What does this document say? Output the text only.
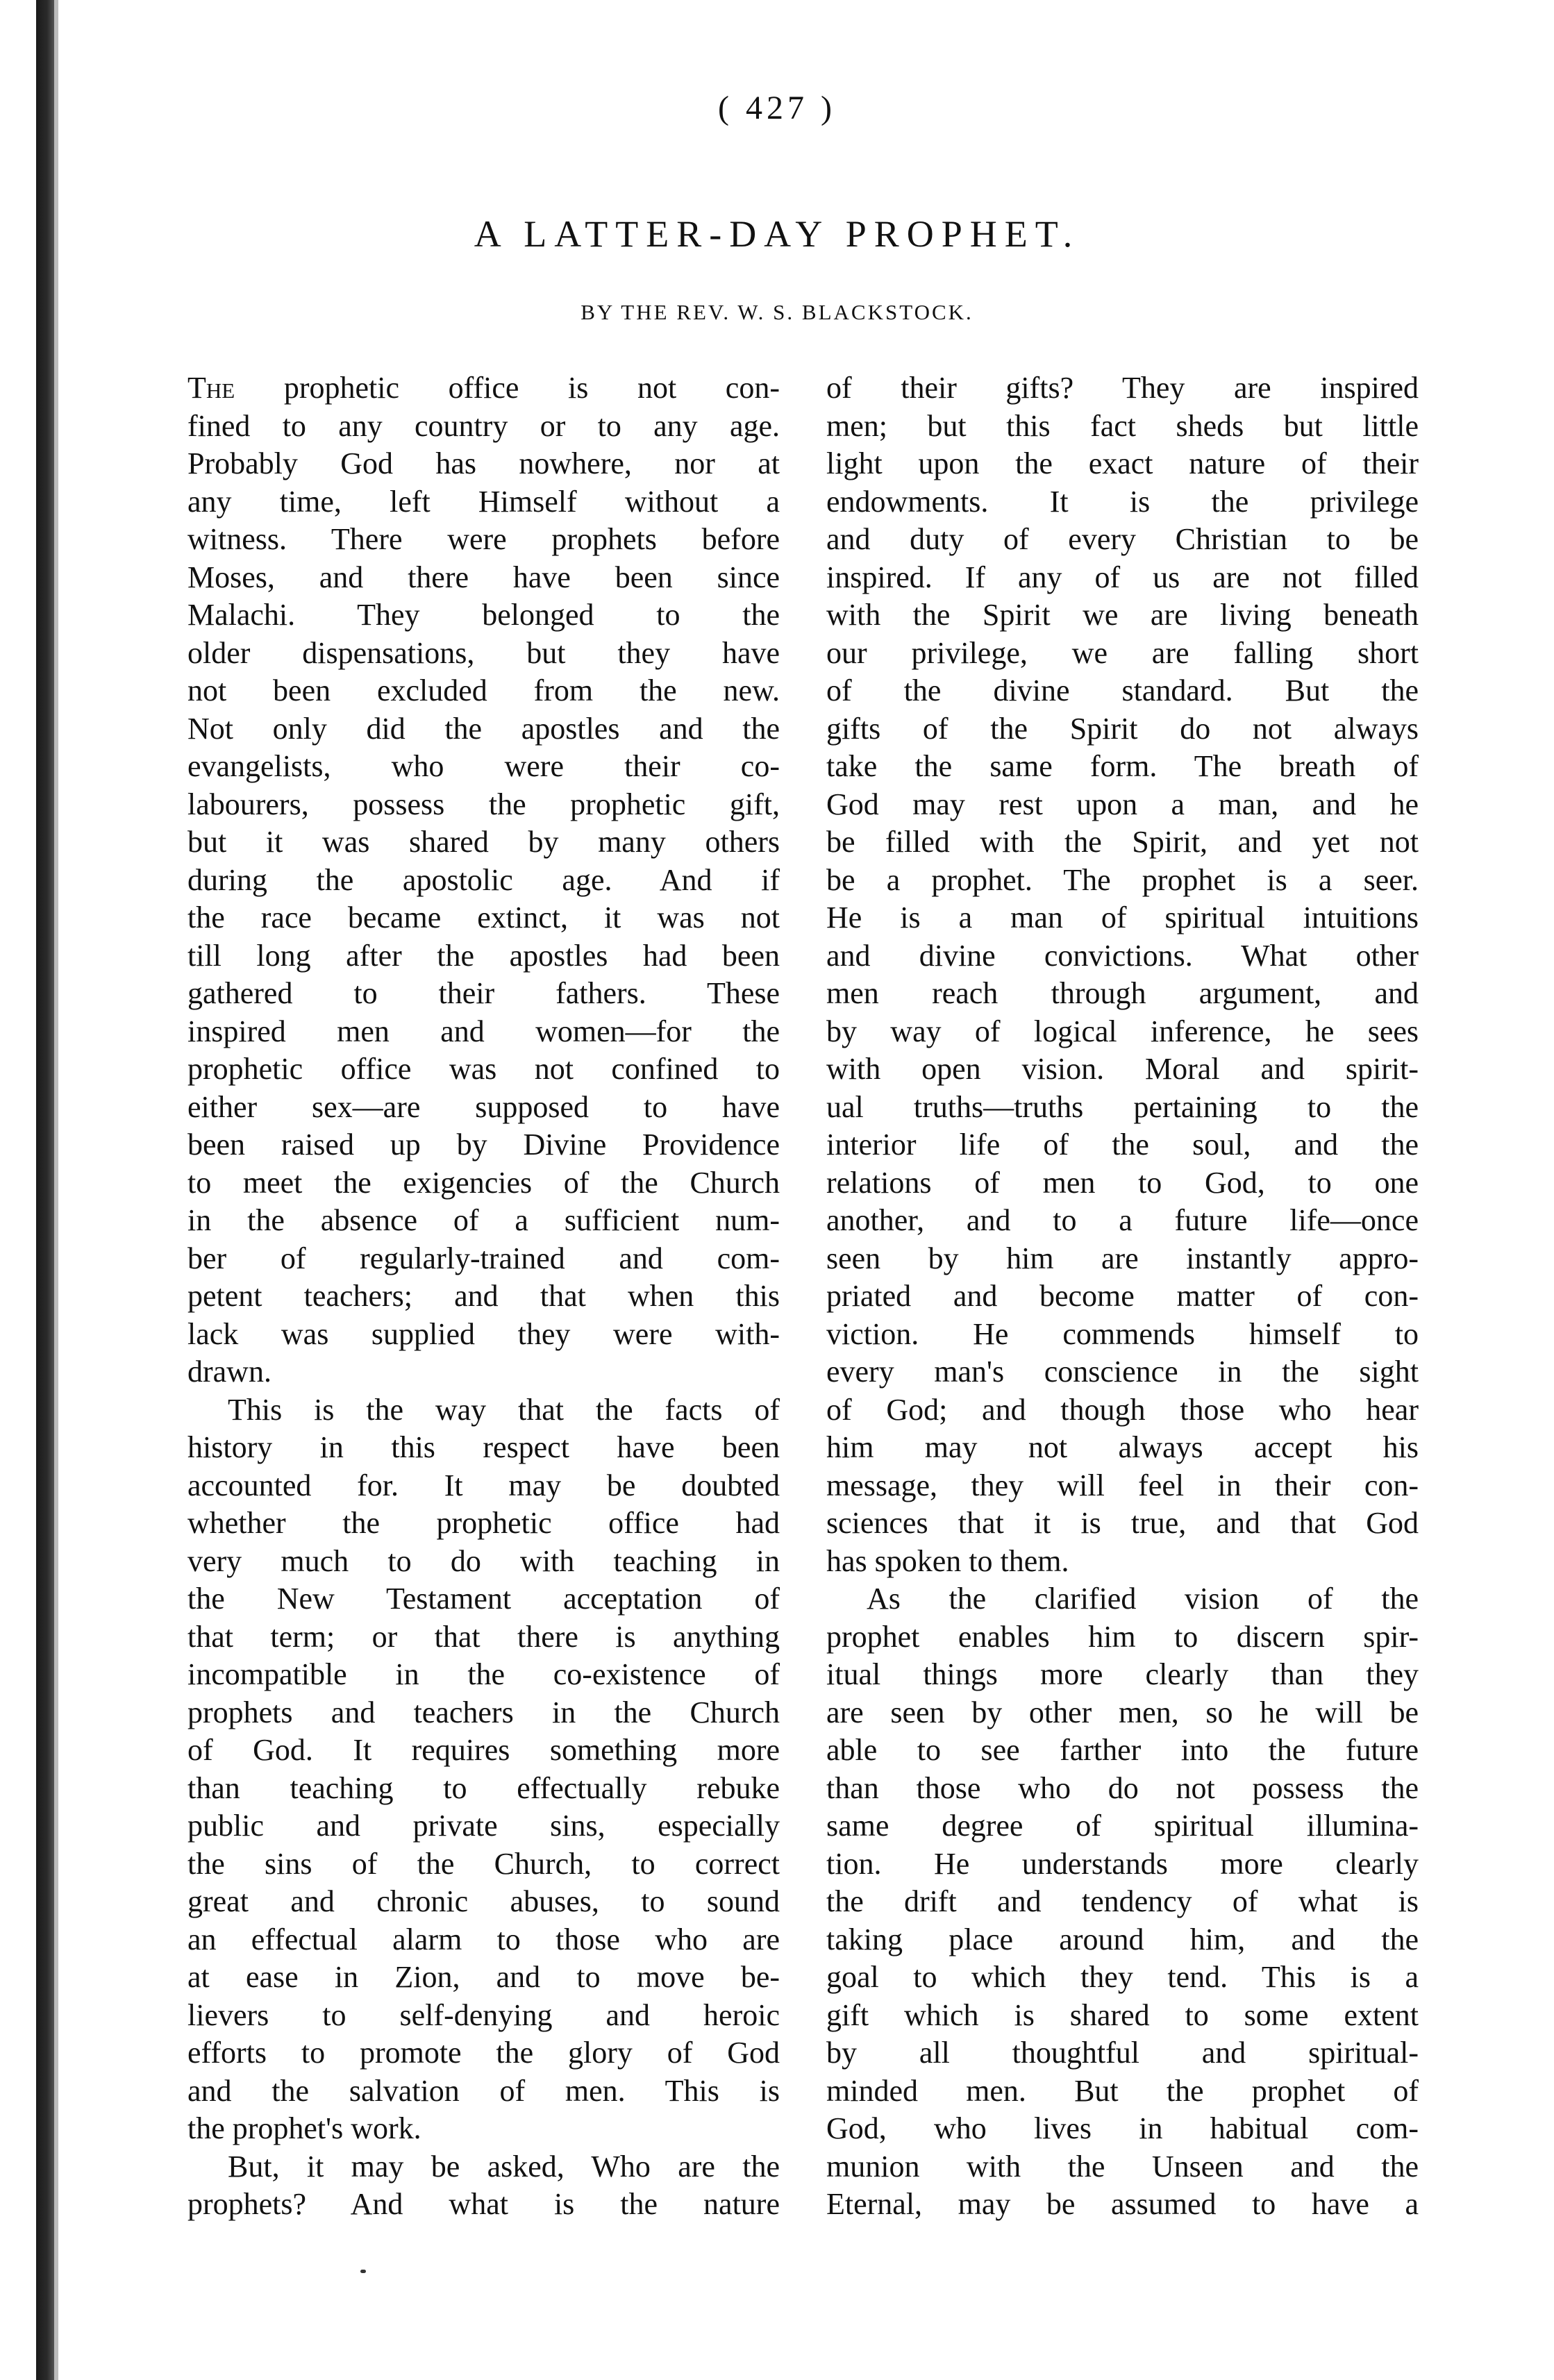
( 427 )
A LATTER-DAY PROPHET.
BY THE REV. W. S. BLACKSTOCK.
The prophetic office is not con-
fined to any country or to any age.
Probably God has nowhere, nor at
any time, left Himself without a
witness. There were prophets before
Moses, and there have been since
Malachi. They belonged to the
older dispensations, but they have
not been excluded from the new.
Not only did the apostles and the
evangelists, who were their co-
labourers, possess the prophetic gift,
but it was shared by many others
during the apostolic age. And if
the race became extinct, it was not
till long after the apostles had been
gathered to their fathers. These
inspired men and women—for the
prophetic office was not confined to
either sex—are supposed to have
been raised up by Divine Providence
to meet the exigencies of the Church
in the absence of a sufficient num-
ber of regularly-trained and com-
petent teachers; and that when this
lack was supplied they were with-
drawn.
This is the way that the facts of
history in this respect have been
accounted for. It may be doubted
whether the prophetic office had
very much to do with teaching in
the New Testament acceptation of
that term; or that there is anything
incompatible in the co-existence of
prophets and teachers in the Church
of God. It requires something more
than teaching to effectually rebuke
public and private sins, especially
the sins of the Church, to correct
great and chronic abuses, to sound
an effectual alarm to those who are
at ease in Zion, and to move be-
lievers to self-denying and heroic
efforts to promote the glory of God
and the salvation of men. This is
the prophet's work.
But, it may be asked, Who are the
prophets? And what is the nature
of their gifts? They are inspired
men; but this fact sheds but little
light upon the exact nature of their
endowments. It is the privilege
and duty of every Christian to be
inspired. If any of us are not filled
with the Spirit we are living beneath
our privilege, we are falling short
of the divine standard. But the
gifts of the Spirit do not always
take the same form. The breath of
God may rest upon a man, and he
be filled with the Spirit, and yet not
be a prophet. The prophet is a seer.
He is a man of spiritual intuitions
and divine convictions. What other
men reach through argument, and
by way of logical inference, he sees
with open vision. Moral and spirit-
ual truths—truths pertaining to the
interior life of the soul, and the
relations of men to God, to one
another, and to a future life—once
seen by him are instantly appro-
priated and become matter of con-
viction. He commends himself to
every man's conscience in the sight
of God; and though those who hear
him may not always accept his
message, they will feel in their con-
sciences that it is true, and that God
has spoken to them.
As the clarified vision of the
prophet enables him to discern spir-
itual things more clearly than they
are seen by other men, so he will be
able to see farther into the future
than those who do not possess the
same degree of spiritual illumina-
tion. He understands more clearly
the drift and tendency of what is
taking place around him, and the
goal to which they tend. This is a
gift which is shared to some extent
by all thoughtful and spiritual-
minded men. But the prophet of
God, who lives in habitual com-
munion with the Unseen and the
Eternal, may be assumed to have a
